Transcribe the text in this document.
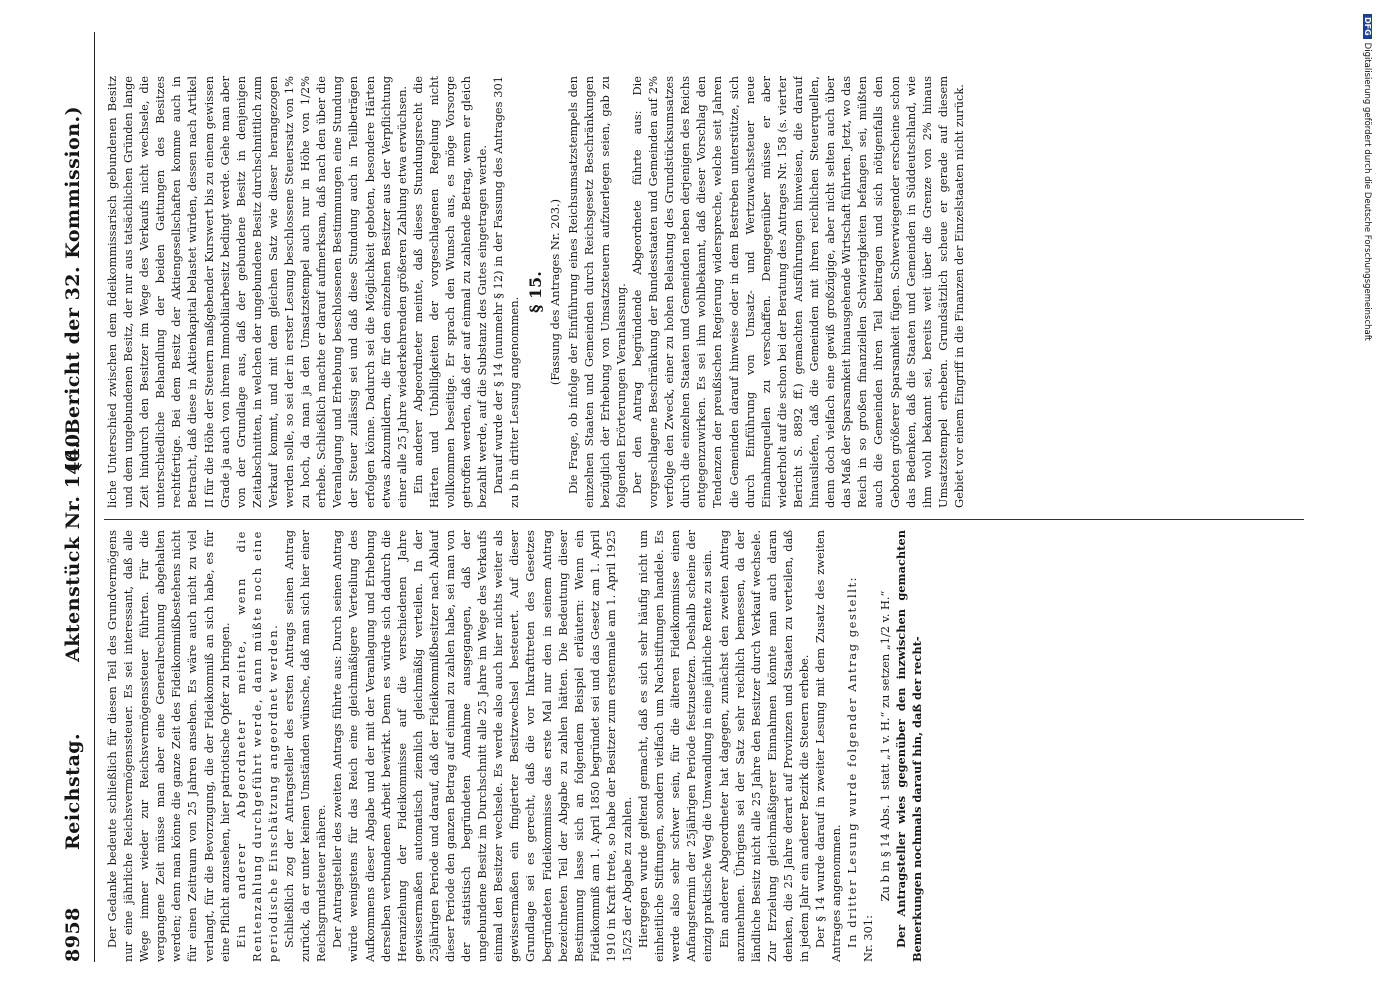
8958
Reichstag.
Aktenstück Nr. 1440.
(6. Bericht der 32. Kommission.)

Der Gedanke bedeute schließlich für diesen Teil des Grundvermögens nur eine jährliche Reichsvermögenssteuer. Es sei interessant, daß alle Wege immer wieder zur Reichsvermögenssteuer führten. Für die vergangene Zeit müsse man aber eine Generalrechnung abgehalten werden; denn man könne die ganze Zeit des Fideikommißbestehens nicht für einen Zeitraum von 25 Jahren ansehen. Es wäre auch nicht zu viel verlangt, für die Bevorzugung, die der Fideikommiß an sich habe, es für eine Pflicht anzusehen, hier patriotische Opfer zu bringen. Ein anderer Abgeordneter meinte, wenn die Rentenzahlung durchgeführt werde, dann müßte noch eine periodische Einschätzung angeordnet werden. Schließlich zog der Antragsteller des ersten Antrags seinen Antrag zurück, da er unter keinen Umständen wünsche, daß man sich hier einer Reichsgrundsteuer nähere. Der Antragsteller des zweiten Antrags führte aus: Durch seinen Antrag würde wenigstens für das Reich eine gleichmäßigere Verteilung des Aufkommens dieser Abgabe und der mit der Veranlagung und Erhebung derselben verbundenen Arbeit bewirkt. Denn es würde sich dadurch die Heranziehung der Fideikommisse auf die verschiedenen Jahre gewissermaßen automatisch ziemlich gleichmäßig verteilen. In der 25jährigen Periode und darauf, daß der Fideikommißbesitzer nach Ablauf dieser Periode den ganzen Betrag auf einmal zu zahlen habe, sei man von der statistisch begründeten Annahme ausgegangen, daß der ungebundene Besitz im Durchschnitt alle 25 Jahre im Wege des Verkaufs einmal den Besitzer wechsele. Es werde also auch hier nichts weiter als gewissermaßen ein fingierter Besitzwechsel besteuert. Auf dieser Grundlage sei es gerecht, daß die vor Inkrafttreten des Gesetzes begründeten Fideikommisse das erste Mal nur den in seinem Antrag bezeichneten Teil der Abgabe zu zahlen hätten. Die Bedeutung dieser Bestimmung lasse sich an folgendem Beispiel erläutern: Wenn ein Fideikommiß am 1. April 1850 begründet sei und das Gesetz am 1. April 1910 in Kraft trete, so habe der Besitzer zum erstenmale am 1. April 1925 15/25 der Abgabe zu zahlen. Hiergegen wurde geltend gemacht, daß es sich sehr häufig nicht um einheitliche Stiftungen, sondern vielfach um Nachstiftungen handele. Es werde also sehr schwer sein, für die älteren Fideikommisse einen Anfangstermin der 25jährigen Periode festzusetzen. Deshalb scheine der einzig praktische Weg die Umwandlung in eine jährliche Rente zu sein. Ein anderer Abgeordneter hat dagegen, zunächst den zweiten Antrag anzunehmen. Übrigens sei der Satz sehr reichlich bemessen, da der ländliche Besitz nicht alle 25 Jahre den Besitzer durch Verkauf wechsele. Zur Erzielung gleichmäßigerer Einnahmen könnte man auch daran denken, die 25 Jahre derart auf Provinzen und Staaten zu verteilen, daß in jedem Jahr ein anderer Bezirk die Steuern erhebe. Der § 14 wurde darauf in zweiter Lesung mit dem Zusatz des zweiten Antrages angenommen. In dritter Lesung wurde folgender Antrag gestellt: Nr. 301:

Zu b in § 14 Abs. 1 statt „1 v. H.“ zu setzen „1/2 v. H.“ Der Antragsteller wies gegenüber den inzwischen gemachten Bemerkungen nochmals darauf hin, daß der recht-

liche Unterschied zwischen dem fideikommissarisch gebundenen Besitz und dem ungebundenen Besitz, der nur aus tatsächlichen Gründen lange Zeit hindurch den Besitzer im Wege des Verkaufs nicht wechsele, die unterschiedliche Behandlung der beiden Gattungen des Besitzes rechtfertige. Bei dem Besitz der Aktiengesellschaften komme auch in Betracht, daß diese in Aktienkapital belastet würden, dessen nach Artikel II für die Höhe der Steuern maßgebender Kurswert bis zu einem gewissen Grade ja auch von ihrem Immobiliarbesitz bedingt werde. Gehe man aber von der Grundlage aus, daß der gebundene Besitz in denjenigen Zeitabschnitten, in welchen der ungebundene Besitz durchschnittlich zum Verkauf kommt, und mit dem gleichen Satz wie dieser herangezogen werden solle, so sei der in erster Lesung beschlossene Steuersatz von 1% zu hoch, da man ja den Umsatzstempel auch nur in Höhe von 1/2% erhebe. Schließlich machte er darauf aufmerksam, daß nach den über die Veranlagung und Erhebung beschlossenen Bestimmungen eine Stundung der Steuer zulässig sei und daß diese Stundung auch in Teilbeträgen erfolgen könne. Dadurch sei die Möglichkeit geboten, besondere Härten etwas abzumildern, die für den einzelnen Besitzer aus der Verpflichtung einer alle 25 Jahre wiederkehrenden größeren Zahlung etwa erwüchsen. Ein anderer Abgeordneter meinte, daß dieses Stundungsrecht die Härten und Unbilligkeiten der vorgeschlagenen Regelung nicht vollkommen beseitige. Er sprach den Wunsch aus, es möge Vorsorge getroffen werden, daß der auf einmal zu zahlende Betrag, wenn er gleich bezahlt werde, auf die Substanz des Gutes eingetragen werde. Darauf wurde der § 14 (nunmehr § 12) in der Fassung des Antrages 301 zu b in dritter Lesung angenommen.

§ 15. (Fassung des Antrages Nr. 203.) Die Frage, ob infolge der Einführung eines Reichsumsatzstempels den einzelnen Staaten und Gemeinden durch Reichsgesetz Beschränkungen bezüglich der Erhebung von Umsatzsteuern aufzuerlegen seien, gab zu folgenden Erörterungen Veranlassung. Der den Antrag begründende Abgeordnete führte aus: Die vorgeschlagene Beschränkung der Bundesstaaten und Gemeinden auf 2% verfolge den Zweck, einer zu hohen Belastung des Grundstücksumsatzes durch die einzelnen Staaten und Gemeinden neben derjenigen des Reichs entgegenzuwirken. Es sei ihm wohlbekannt, daß dieser Vorschlag den Tendenzen der preußischen Regierung widerspreche, welche seit Jahren die Gemeinden darauf hinweise oder in dem Bestreben unterstütze, sich durch Einführung von Umsatz- und Wertzuwachssteuer neue Einnahmequellen zu verschaffen. Demgegenüber müsse er aber wiederholt auf die schon bei der Beratung des Antrages Nr. 158 (s. vierter Bericht S. 8892 ff.) gemachten Ausführungen hinweisen, die darauf hinausliefen, daß die Gemeinden mit ihren reichlichen Steuerquellen, denn doch vielfach eine gewiß großzügige, aber nicht selten auch über das Maß der Sparsamkeit hinausgehende Wirtschaft führten. Jetzt, wo das Reich in so großen finanziellen Schwierigkeiten befangen sei, müßten auch die Gemeinden ihren Teil beitragen und sich nötigenfalls den Geboten größerer Sparsamkeit fügen. Schwerwiegender erscheine schon das Bedenken, daß die Staaten und Gemeinden in Süddeutschland, wie ihm wohl bekannt sei, bereits weit über die Grenze von 2% hinaus Umsatzstempel erheben. Grundsätzlich scheue er gerade auf diesem Gebiet vor einem Eingriff in die Finanzen der Einzelstaaten nicht zurück.

DFGDigitalisierung gefördert durch die Deutsche Forschungsgemeinschaft
